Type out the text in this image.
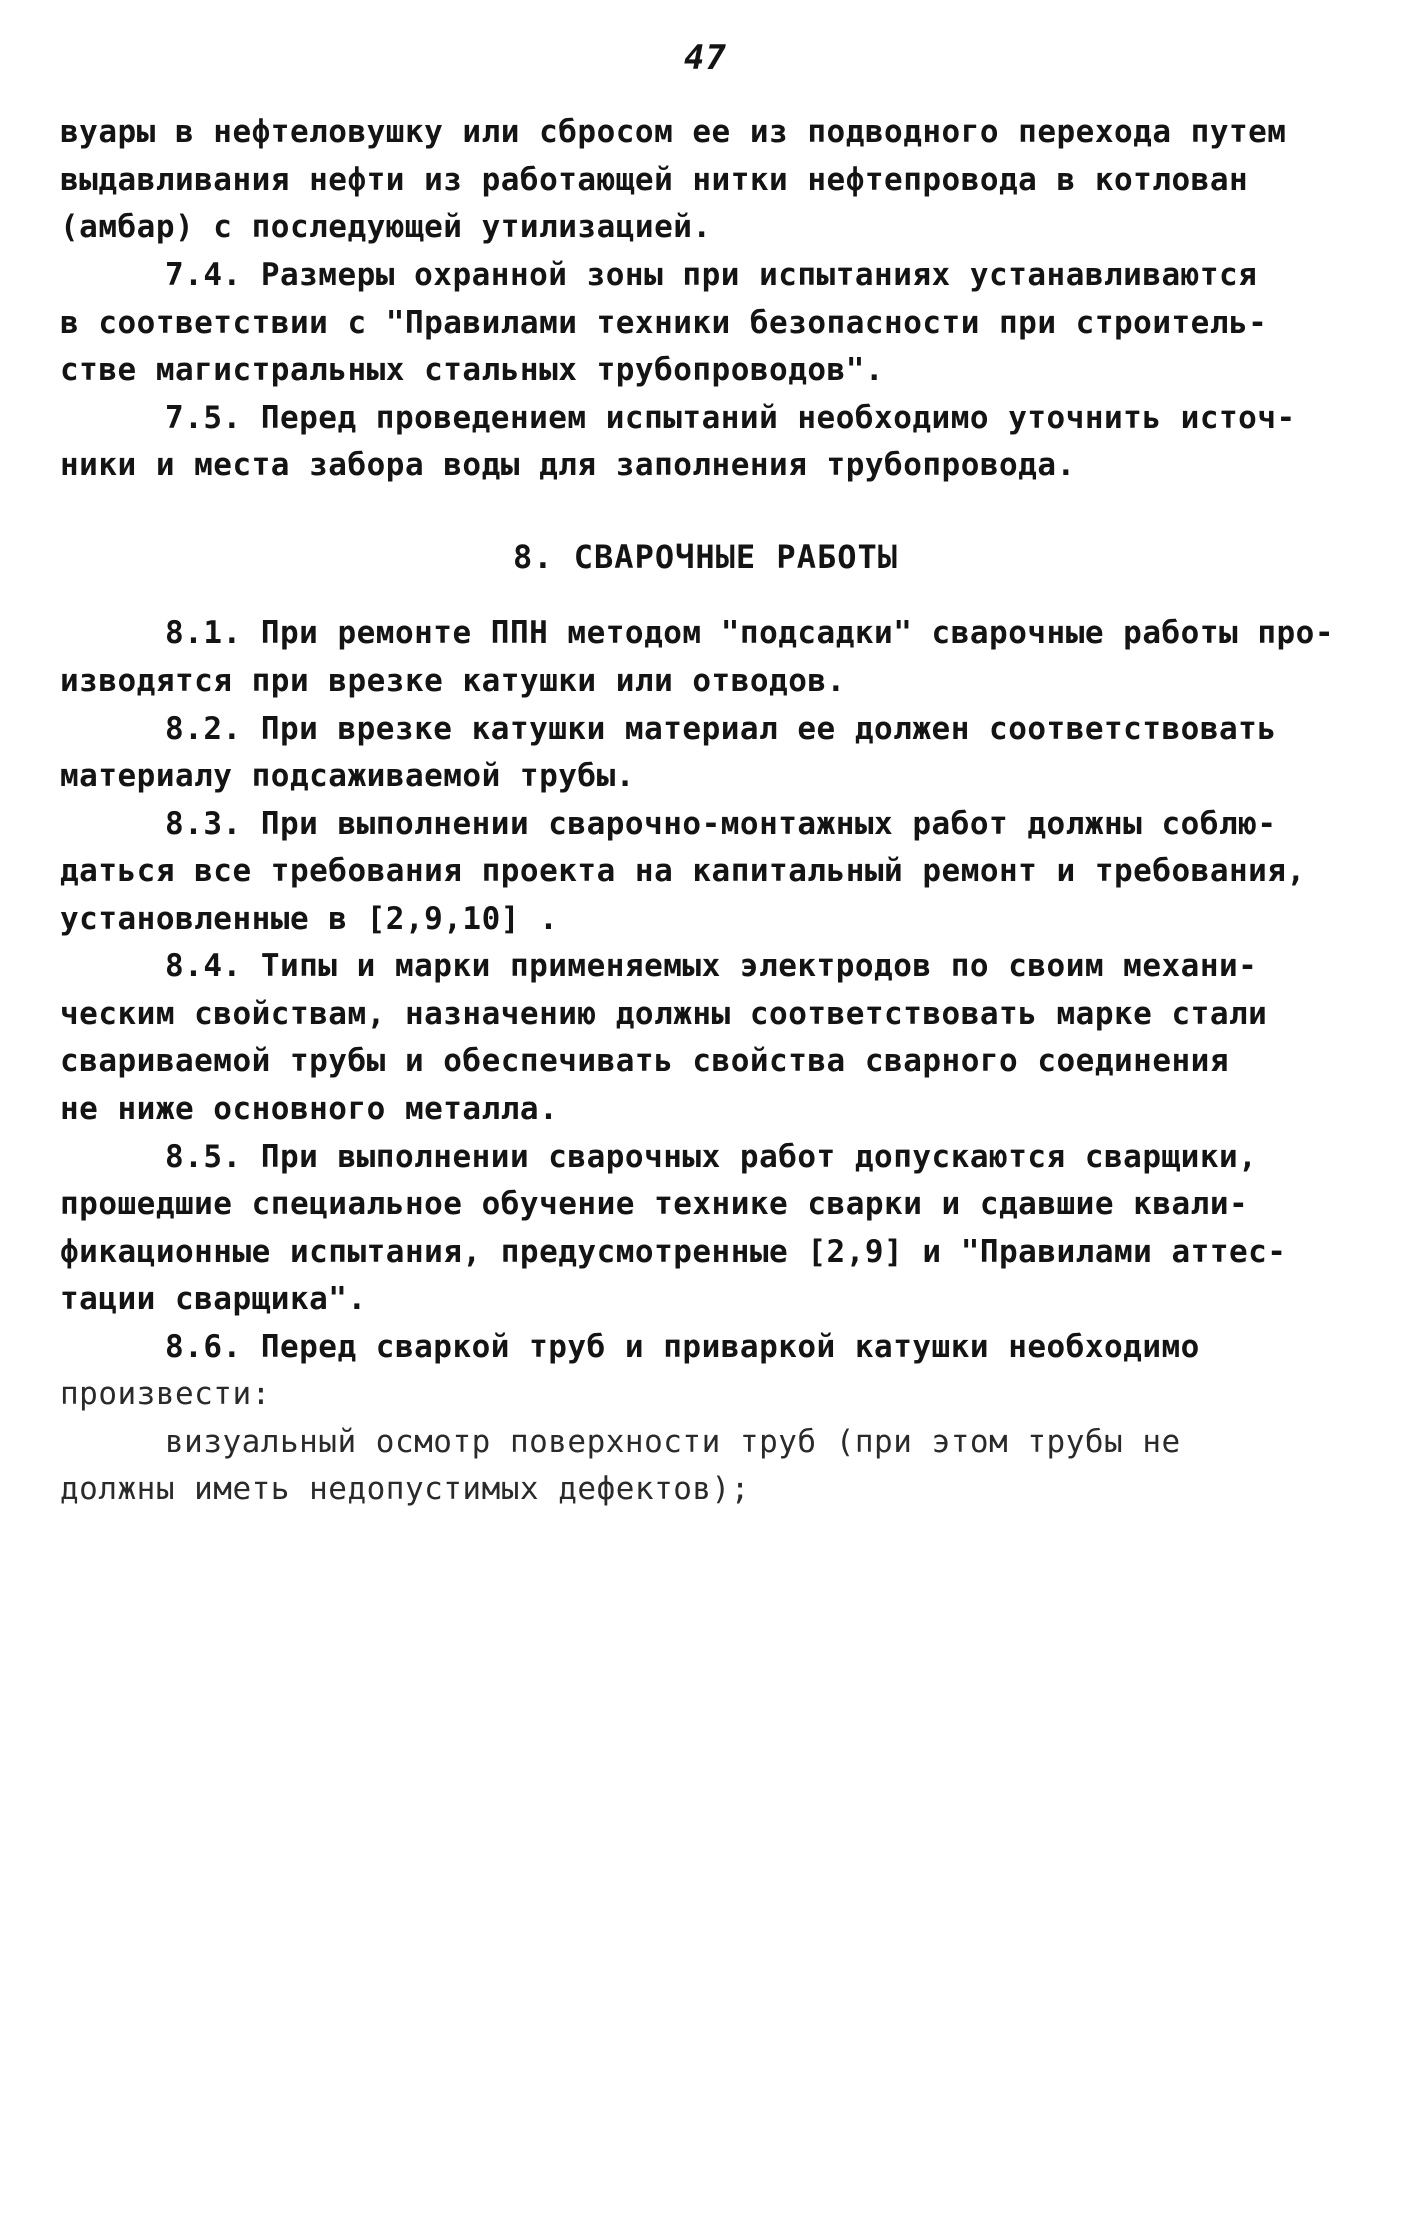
47
вуары в нефтеловушку или сбросом ее из подводного перехода путем
выдавливания нефти из работающей нитки нефтепровода в котлован
(амбар) с последующей утилизацией.
7.4. Размеры охранной зоны при испытаниях устанавливаются
в соответствии с "Правилами техники безопасности при строитель-
стве магистральных стальных трубопроводов".
7.5. Перед проведением испытаний необходимо уточнить источ-
ники и места забора воды для заполнения трубопровода.
8. СВАРОЧНЫЕ РАБОТЫ
8.1. При ремонте ППН методом "подсадки" сварочные работы про-
изводятся при врезке катушки или отводов.
8.2. При врезке катушки материал ее должен соответствовать
материалу подсаживаемой трубы.
8.3. При выполнении сварочно-монтажных работ должны соблю-
даться все требования проекта на капитальный ремонт и требования,
установленные в [2,9,10] .
8.4. Типы и марки применяемых электродов по своим механи-
ческим свойствам, назначению должны соответствовать марке стали
свариваемой трубы и обеспечивать свойства сварного соединения
не ниже основного металла.
8.5. При выполнении сварочных работ допускаются сварщики,
прошедшие специальное обучение технике сварки и сдавшие квали-
фикационные испытания, предусмотренные [2,9] и "Правилами аттес-
тации сварщика".
8.6. Перед сваркой труб и приваркой катушки необходимо
произвести:
визуальный осмотр поверхности труб (при этом трубы не
должны иметь недопустимых дефектов);
